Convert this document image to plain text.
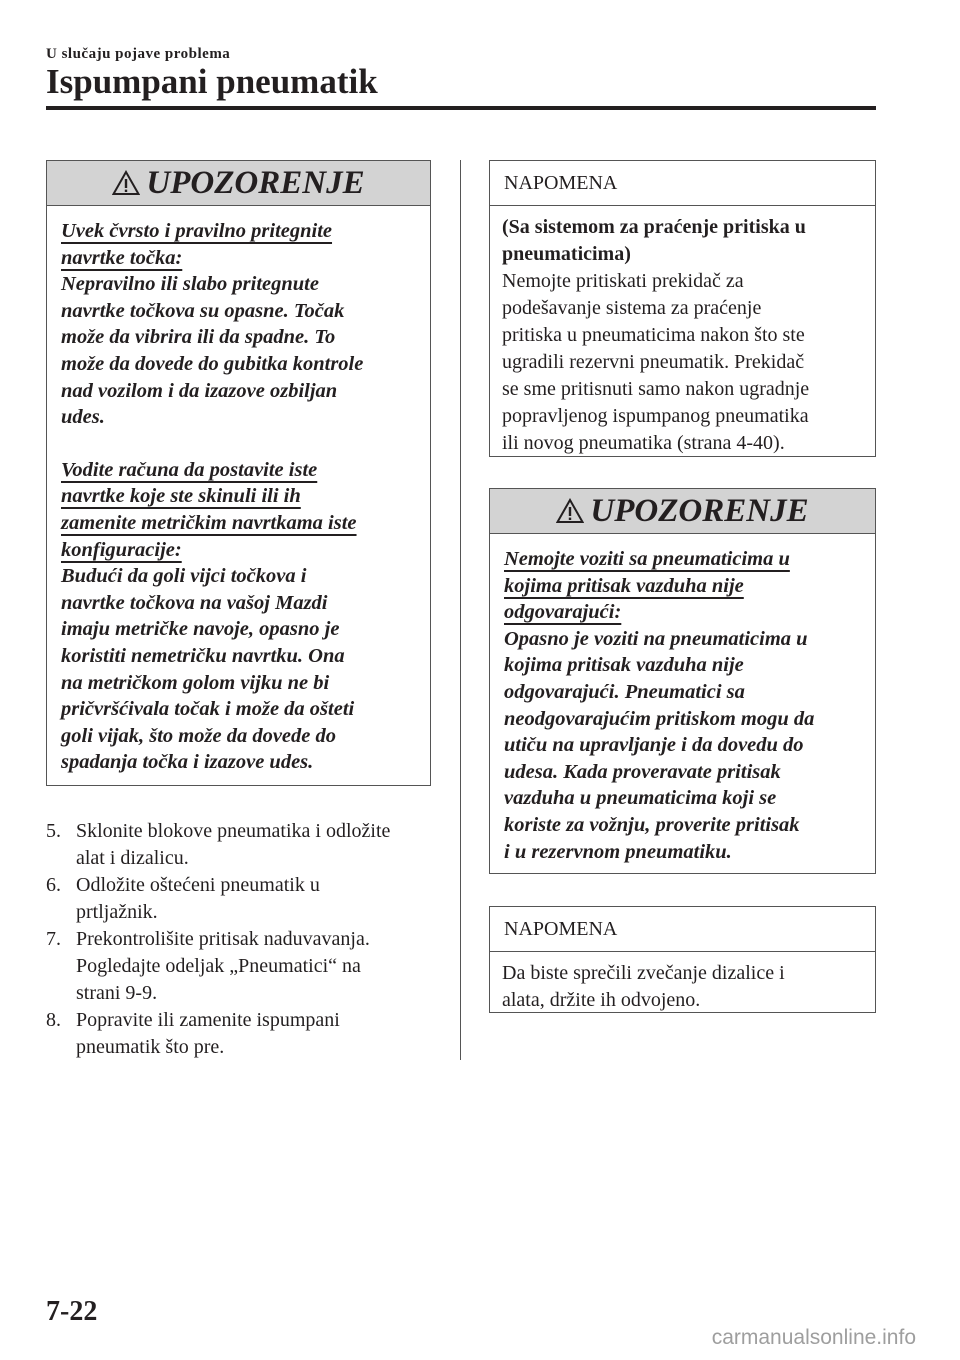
U slučaju pojave problema
Ispumpani pneumatik
UPOZORENJE

Uvek čvrsto i pravilno pritegnite
navrtke točka:
Nepravilno ili slabo pritegnute
navrtke točkova su opasne. Točak
može da vibrira ili da spadne. To
može da dovede do gubitka kontrole
nad vozilom i da izazove ozbiljan
udes.

Vodite računa da postavite iste
navrtke koje ste skinuli ili ih
zamenite metričkim navrtkama iste
konfiguracije:
Budući da goli vijci točkova i
navrtke točkova na vašoj Mazdi
imaju metričke navoje, opasno je
koristiti nemetričku navrtku. Ona
na metričkom golom vijku ne bi
pričvršćivala točak i može da ošteti
goli vijak, što može da dovede do
spadanja točka i izazove udes.

5. Sklonite blokove pneumatika i odložite
alat i dizalicu.
6. Odložite oštećeni pneumatik u
prtljažnik.
7. Prekontrolišite pritisak naduvavanja.
Pogledajte odeljak „Pneumatici“ na
strani 9-9.
8. Popravite ili zamenite ispumpani
pneumatik što pre.
NAPOMENA
(Sa sistemom za praćenje pritiska u
pneumaticima)
Nemojte pritiskati prekidač za
podešavanje sistema za praćenje
pritiska u pneumaticima nakon što ste
ugradili rezervni pneumatik. Prekidač
se sme pritisnuti samo nakon ugradnje
popravljenog ispumpanog pneumatika
ili novog pneumatika (strana 4-40).
UPOZORENJE

Nemojte voziti sa pneumaticima u
kojima pritisak vazduha nije
odgovarajući:
Opasno je voziti na pneumaticima u
kojima pritisak vazduha nije
odgovarajući. Pneumatici sa
neodgovarajućim pritiskom mogu da
utiču na upravljanje i da dovedu do
udesa. Kada proveravate pritisak
vazduha u pneumaticima koji se
koriste za vožnju, proverite pritisak
i u rezervnom pneumatiku.

NAPOMENA
Da biste sprečili zvečanje dizalice i
alata, držite ih odvojeno.
7-22
carmanualsonline.info
